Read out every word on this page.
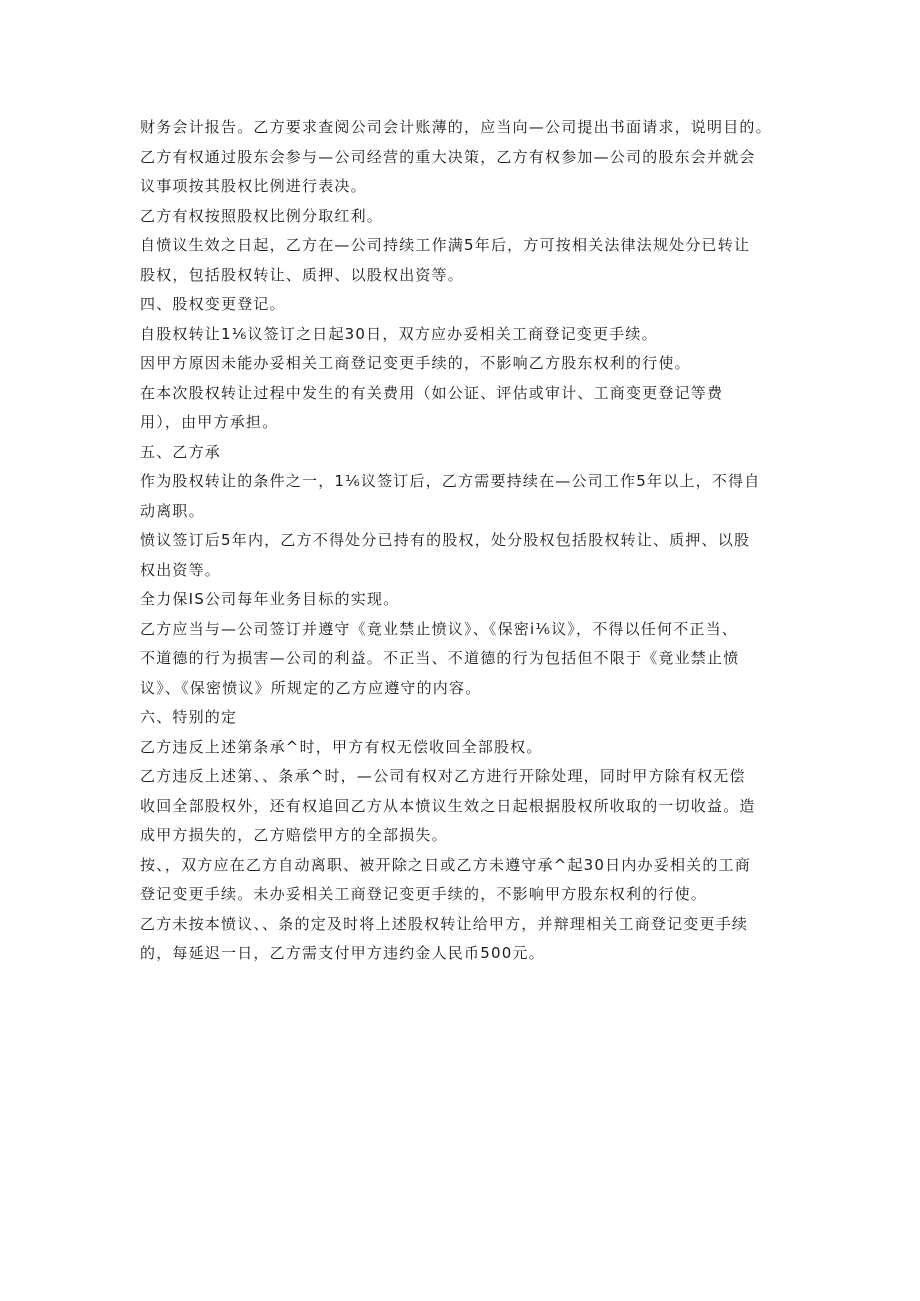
财务会计报告。乙方要求查阅公司会计账薄的，应当向—公司提出书面请求，说明目的。

乙方有权通过股东会参与—公司经营的重大决策，乙方有权参加—公司的股东会并就会
议事项按其股权比例进行表决。

乙方有权按照股权比例分取红利。

自愤议生效之日起，乙方在—公司持续工作满5年后，方可按相关法律法规处分已转让
股权，包括股权转让、质押、以股权出资等。

四、股权变更登记。

自股权转让1⅙议签订之日起30日，双方应办妥相关工商登记变更手续。

因甲方原因未能办妥相关工商登记变更手续的，不影响乙方股东权利的行使。

在本次股权转让过程中发生的有关费用（如公证、评估或审计、工商变更登记等费
用），由甲方承担。

五、乙方承

作为股权转让的条件之一，1⅙议签订后，乙方需要持续在—公司工作5年以上，不得自
动离职。

愤议签订后5年内，乙方不得处分已持有的股权，处分股权包括股权转让、质押、以股
权出资等。

全力保IS公司每年业务目标的实现。

乙方应当与—公司签订并遵守《竟业禁止愤议》、《保密i⅙议》，不得以任何不正当、
不道德的行为损害—公司的利益。不正当、不道德的行为包括但不限于《竟业禁止愤
议》、《保密愤议》所规定的乙方应遵守的内容。

六、特别的定

乙方违反上述第条承^时，甲方有权无偿收回全部股权。

乙方违反上述第、、条承^时，—公司有权对乙方进行开除处理，同时甲方除有权无偿
收回全部股权外，还有权追回乙方从本愤议生效之日起根据股权所收取的一切收益。造
成甲方损失的，乙方赔偿甲方的全部损失。

按、，双方应在乙方自动离职、被开除之日或乙方未遵守承^起30日内办妥相关的工商
登记变更手续。未办妥相关工商登记变更手续的，不影响甲方股东权利的行使。

乙方未按本愤议、、条的定及时将上述股权转让给甲方，并辩理相关工商登记变更手续
的，每延迟一日，乙方需支付甲方违约金人民币500元。
